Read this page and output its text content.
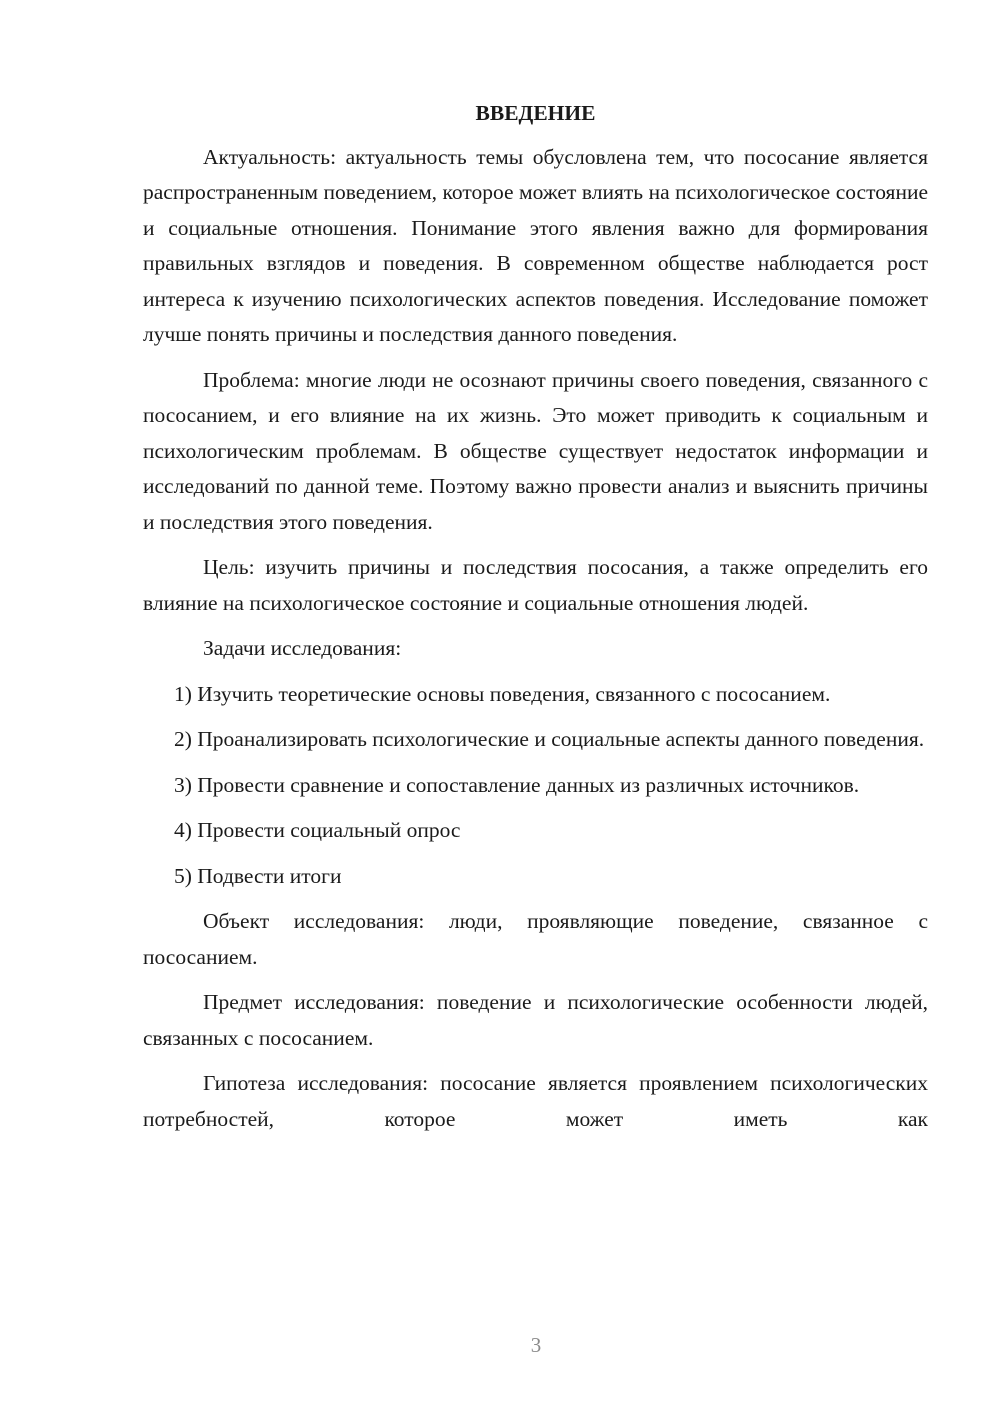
ВВЕДЕНИЕ

Актуальность: актуальность темы обусловлена тем, что пососание является распространенным поведением, которое может влиять на психологическое состояние и социальные отношения. Понимание этого явления важно для формирования правильных взглядов и поведения. В современном обществе наблюдается рост интереса к изучению психологических аспектов поведения. Исследование поможет лучше понять причины и последствия данного поведения.

Проблема: многие люди не осознают причины своего поведения, связанного с пососанием, и его влияние на их жизнь. Это может приводить к социальным и психологическим проблемам. В обществе существует недостаток информации и исследований по данной теме. Поэтому важно провести анализ и выяснить причины и последствия этого поведения.

Цель: изучить причины и последствия пососания, а также определить его влияние на психологическое состояние и социальные отношения людей.

Задачи исследования:

1) Изучить теоретические основы поведения, связанного с пососанием.

2) Проанализировать психологические и социальные аспекты данного поведения.

3) Провести сравнение и сопоставление данных из различных источников.

4) Провести социальный опрос

5) Подвести итоги

Объект исследования: люди, проявляющие поведение, связанное с пососанием.

Предмет исследования: поведение и психологические особенности людей, связанных с пососанием.

Гипотеза исследования: пососание является проявлением психологических потребностей, которое может иметь как

3
